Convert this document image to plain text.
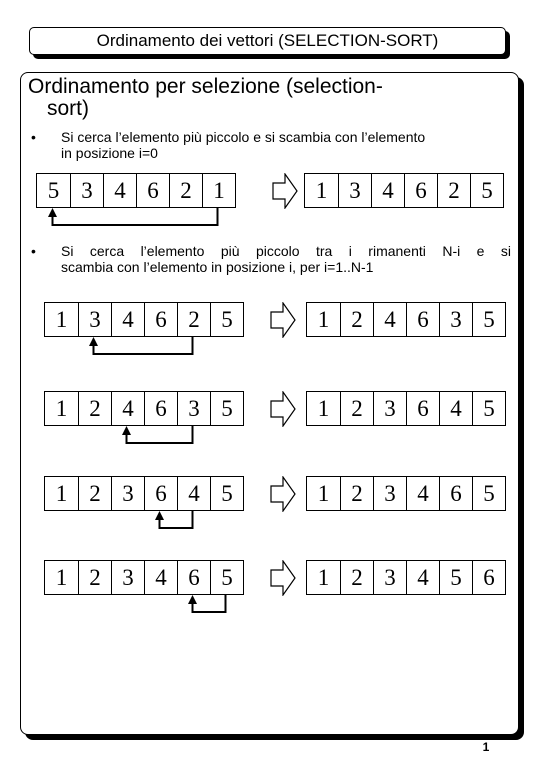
Ordinamento dei vettori (SELECTION-SORT)
Ordinamento per selezione (selection-
sort)
• Si cerca l’elemento più piccolo e si scambia con l’elemento
in posizione i=0
• Si cerca l’elemento più piccolo tra i rimanenti N-i e si
scambia con l’elemento in posizione i, per i=1..N-1
5 3 4 6 2 1	1 3 4 6 2 5
1 3 4 6 2 5	1 2 4 6 3 5
1 2 4 6 3 5	1 2 3 6 4 5
1 2 3 6 4 5	1 2 3 4 6 5
1 2 3 4 6 5	1 2 3 4 5 6
1
